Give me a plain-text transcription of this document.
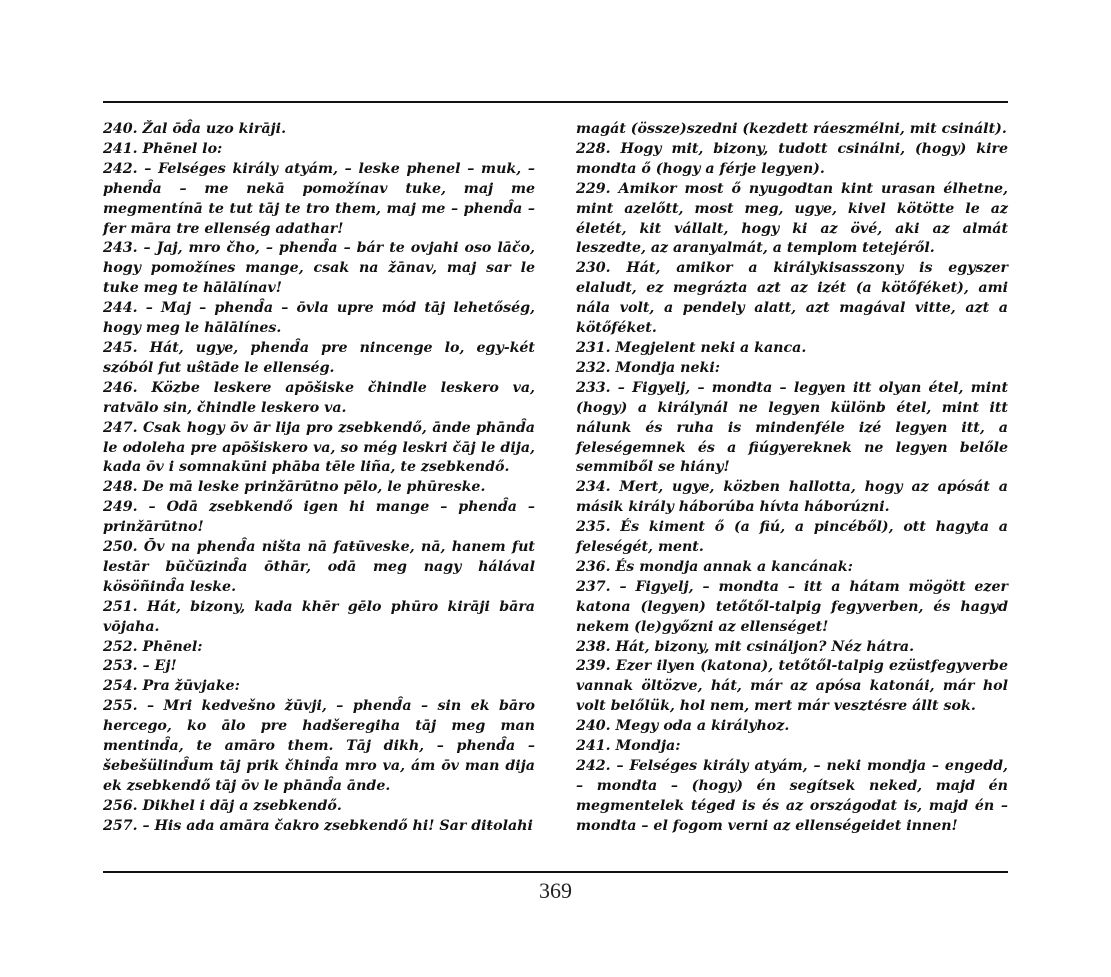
240. Žal ōd̑a uzo kirāji.

241. Phēnel lo:

242. – Felséges király atyám, – leske phenel – muk, – phend̑a – me nekā pomožínav tuke, maj me megmentínā te tut tāj te tro them, maj me – phend̑a – fer māra tre ellenség adathar!

243. – Jaj, mro čho, – phend̑a – bár te ovjahi oso lāčo, hogy pomožínes mange, csak na žānav, maj sar le tuke meg te hālālínav!

244. – Maj – phend̑a – ōvla upre mód tāj lehetőség, hogy meg le hālālínes.

245. Hát, ugye, phend̑a pre nincenge lo, egy-két szóból fut uŝtāde le ellenség.

246. Közbe leskere apōšiske čhindle leskero va, ratvālo sin, čhindle leskero va.

247. Csak hogy ōv ār lija pro zsebkendő, ānde phānd̑a le odoleha pre apōšiskero va, so még leskri čāj le dija, kada ōv i somnakūni phāba tēle liña, te zsebkendő.

248. De mā leske prinžārūtno pēlo, le phūreske.

249. – Odā zsebkendő igen hi mange – phend̑a – prinžārūtno!

250. Ōv na phend̑a ništa nā faŧūveske, nā, hanem fut lestār būčūzind̑a ōthār, odā meg nagy hálával kösöñind̑a leske.

251. Hát, bizony, kada khēr gēlo phūro kirāji bāra vōjaha.

252. Phēnel:

253. – Ej!

254. Pra žūvjake:

255. – Mri kedvešno žūvji, – phend̑a – sin ek bāro hercego, ko ālo pre hadšeregiha tāj meg man mentind̑a, te amāro them. Tāj dikh, – phend̑a – šebešülind̑um tāj prik čhind̑a mro va, ám ōv man dija ek zsebkendő tāj ōv le phānd̑a ānde.

256. Dikhel i dāj a zsebkendő.

257. – His ada amāra čakro zsebkendő hi! Sar diŧolahi

magát (össze)szedni (kezdett ráeszmélni, mit csinált).

228. Hogy mit, bizony, tudott csinálni, (hogy) kire mondta ő (hogy a férje legyen).

229. Amikor most ő nyugodtan kint urasan élhetne, mint azelőtt, most meg, ugye, kivel kötötte le az életét, kit vállalt, hogy ki az övé, aki az almát leszedte, az aranyalmát, a templom tetejéről.

230. Hát, amikor a királykisasszony is egyszer elaludt, ez megrázta azt az izét (a kötőféket), ami nála volt, a pendely alatt, azt magával vitte, azt a kötőféket.

231. Megjelent neki a kanca.

232. Mondja neki:

233. – Figyelj, – mondta – legyen itt olyan étel, mint (hogy) a királynál ne legyen különb étel, mint itt nálunk és ruha is mindenféle izé legyen itt, a feleségemnek és a fiúgyereknek ne legyen belőle semmiből se hiány!

234. Mert, ugye, közben hallotta, hogy az apósát a másik király háborúba hívta háborúzni.

235. És kiment ő (a fiú, a pincéből), ott hagyta a feleségét, ment.

236. És mondja annak a kancának:

237. – Figyelj, – mondta – itt a hátam mögött ezer katona (legyen) tetőtől-talpig fegyverben, és hagyd nekem (le)győzni az ellenséget!

238. Hát, bizony, mit csináljon? Néz hátra.

239. Ezer ilyen (katona), tetőtől-talpig ezüstfegyverbe vannak öltözve, hát, már az apósa katonái, már hol volt belőlük, hol nem, mert már vesztésre állt sok.

240. Megy oda a királyhoz.

241. Mondja:

242. – Felséges király atyám, – neki mondja – engedd, – mondta – (hogy) én segítsek neked, majd én megmentelek téged is és az országodat is, majd én – mondta – el fogom verni az ellenségeidet innen!

369
